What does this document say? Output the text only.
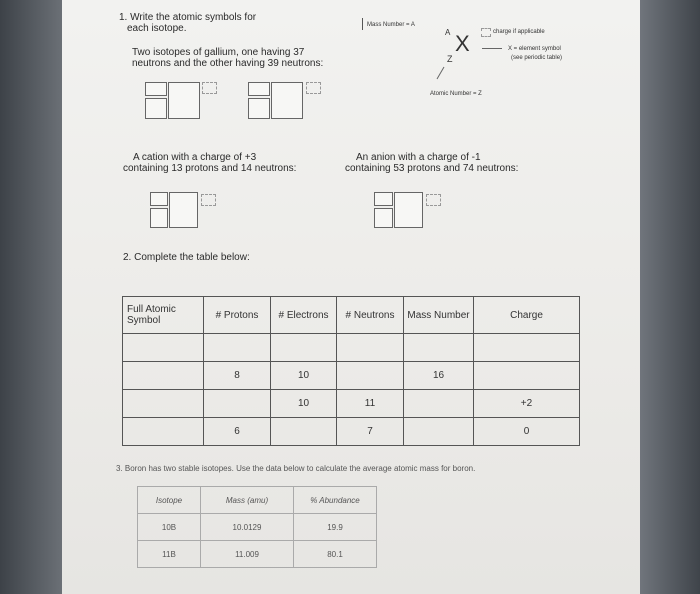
1. Write the atomic symbols for
each isotope.
Two isotopes of gallium, one having 37
neutrons and the other having 39 neutrons:
Mass Number = A
A
Z
X	charge if applicable
X = element symbol
(see periodic table)
Atomic Number = Z
A cation with a charge of +3
containing 13 protons and 14 neutrons:
An anion with a charge of -1
containing 53 protons and 74 neutrons:
2. Complete the table below:
Full Atomic Symbol	# Protons	# Electrons	# Neutrons	Mass Number	Charge

	8	10		16	
		10	11		+2
	6		7		0
3. Boron has two stable isotopes. Use the data below to calculate the average atomic mass for boron.
Isotope	Mass (amu)	% Abundance
10B	10.0129	19.9
11B	11.009	80.1
